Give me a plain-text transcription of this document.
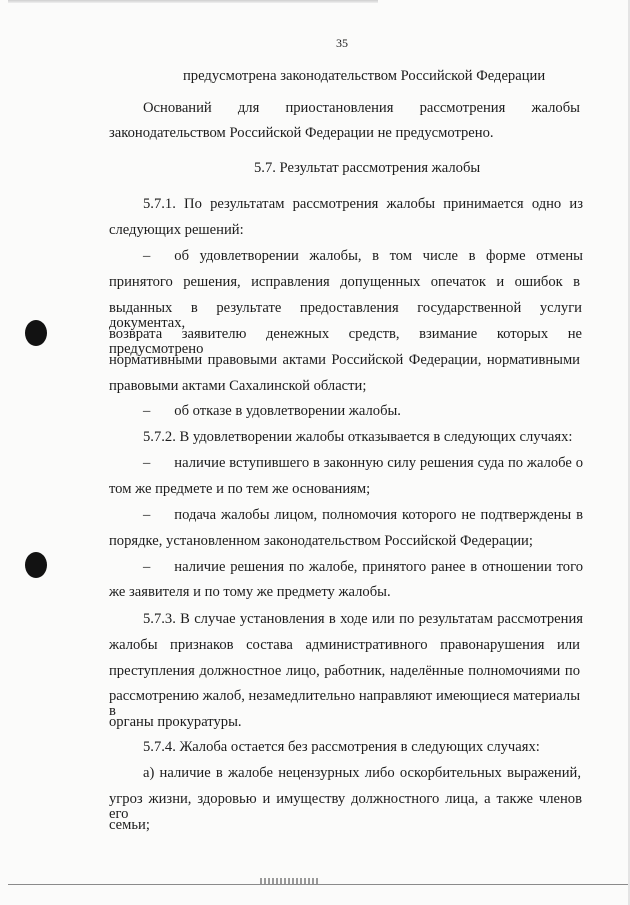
35
предусмотрена законодательством Российской Федерации
Оснований для приостановления рассмотрения жалобы
законодательством Российской Федерации не предусмотрено.
5.7. Результат рассмотрения жалобы
5.7.1. По результатам рассмотрения жалобы принимается одно из
следующих решений:
– об удовлетворении жалобы, в том числе в форме отмены
принятого решения, исправления допущенных опечаток и ошибок в
выданных в результате предоставления государственной услуги документах,
возврата заявителю денежных средств, взимание которых не предусмотрено
нормативными правовыми актами Российской Федерации, нормативными
правовыми актами Сахалинской области;
– об отказе в удовлетворении жалобы.
5.7.2. В удовлетворении жалобы отказывается в следующих случаях:
– наличие вступившего в законную силу решения суда по жалобе о
том же предмете и по тем же основаниям;
– подача жалобы лицом, полномочия которого не подтверждены в
порядке, установленном законодательством Российской Федерации;
– наличие решения по жалобе, принятого ранее в отношении того
же заявителя и по тому же предмету жалобы.
5.7.3. В случае установления в ходе или по результатам рассмотрения
жалобы признаков состава административного правонарушения или
преступления должностное лицо, работник, наделённые полномочиями по
рассмотрению жалоб, незамедлительно направляют имеющиеся материалы в
органы прокуратуры.
5.7.4. Жалоба остается без рассмотрения в следующих случаях:
а) наличие в жалобе нецензурных либо оскорбительных выражений,
угроз жизни, здоровью и имуществу должностного лица, а также членов его
семьи;
